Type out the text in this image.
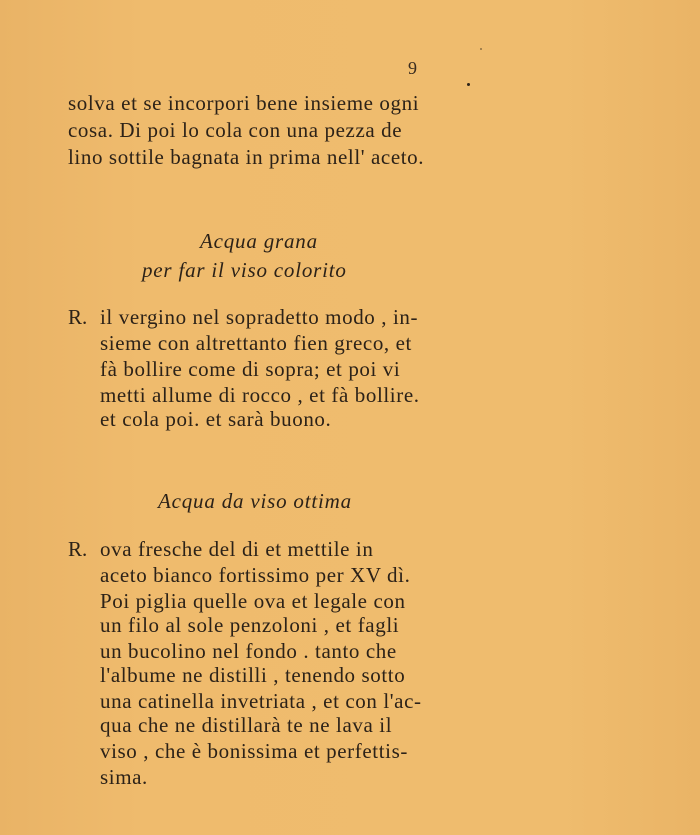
9
solva et se incorpori bene insieme ogni
cosa. Di poi lo cola con una pezza de
lino sottile bagnata in prima nell' aceto.
Acqua grana
per far il viso colorito
R. il vergino nel sopradetto modo , in-
sieme con altrettanto fien greco, et
fà bollire come di sopra; et poi vi
metti allume di rocco , et fà bollire.
et cola poi. et sarà buono.
Acqua da viso ottima
R. ova fresche del di et mettile in
aceto bianco fortissimo per XV dì.
Poi piglia quelle ova et legale con
un filo al sole penzoloni , et fagli
un bucolino nel fondo . tanto che
l'albume ne distilli , tenendo sotto
una catinella invetriata , et con l'ac-
qua che ne distillarà te ne lava il
viso , che è bonissima et perfettis-
sima.
